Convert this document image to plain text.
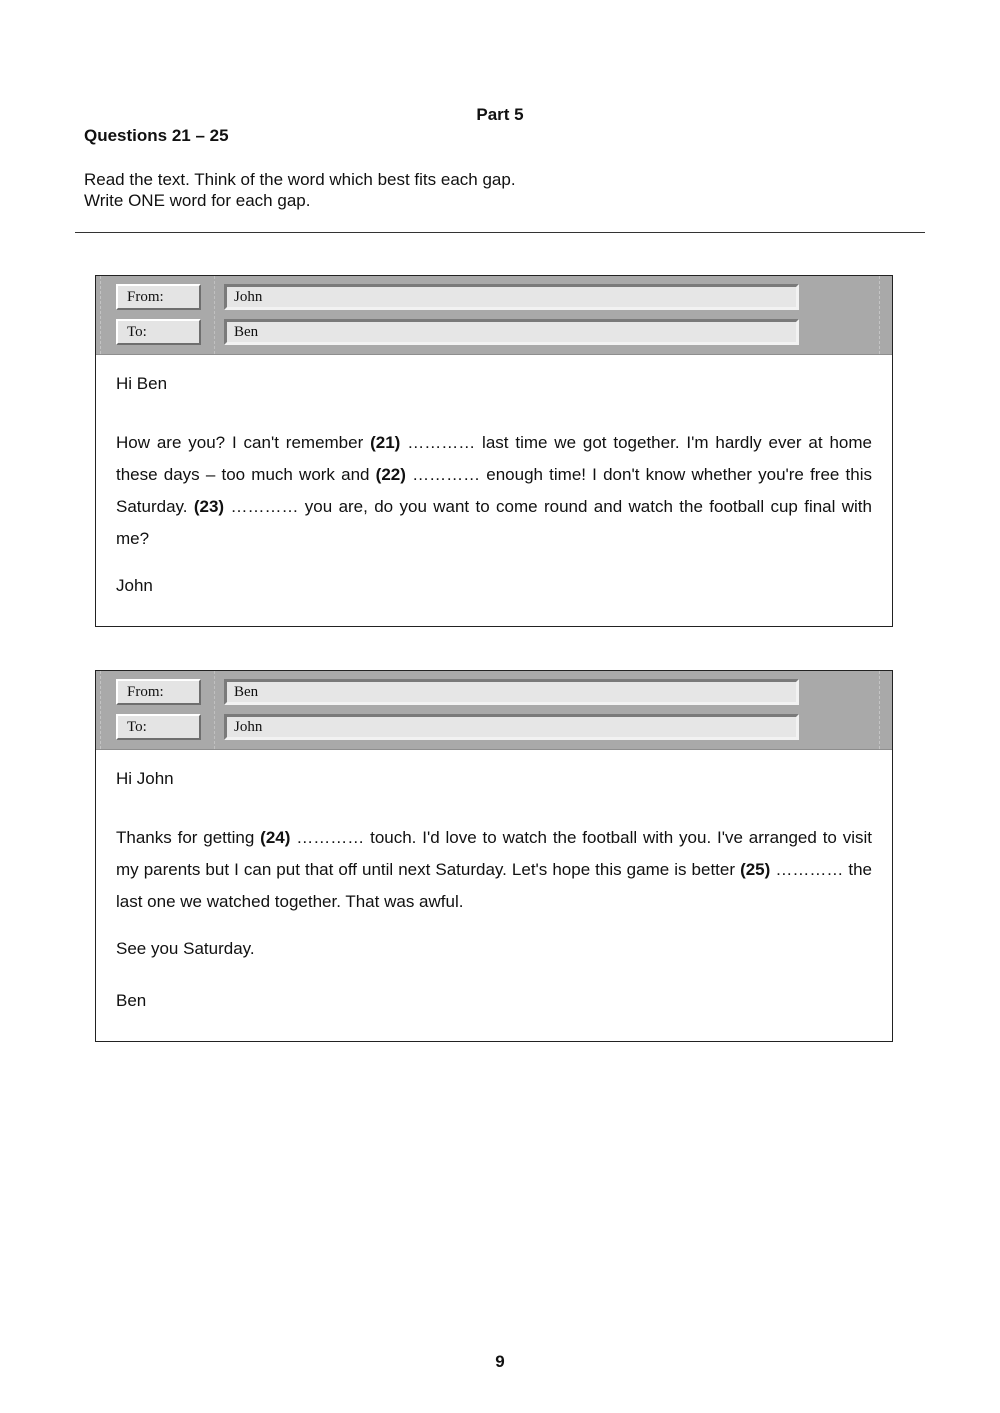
Part 5
Questions 21 – 25
Read the text. Think of the word which best fits each gap.
Write ONE word for each gap.
From:	John
To:	Ben

Hi Ben

How are you? I can't remember (21) ………… last time we got together. I'm hardly ever at home these days – too much work and (22) ………… enough time! I don't know whether you're free this Saturday. (23) ………… you are, do you want to come round and watch the football cup final with me?

John

From:	Ben
To:	John

Hi John

Thanks for getting (24) ………… touch. I'd love to watch the football with you. I've arranged to visit my parents but I can put that off until next Saturday. Let's hope this game is better (25) ………… the last one we watched together. That was awful.

See you Saturday.

Ben

9
